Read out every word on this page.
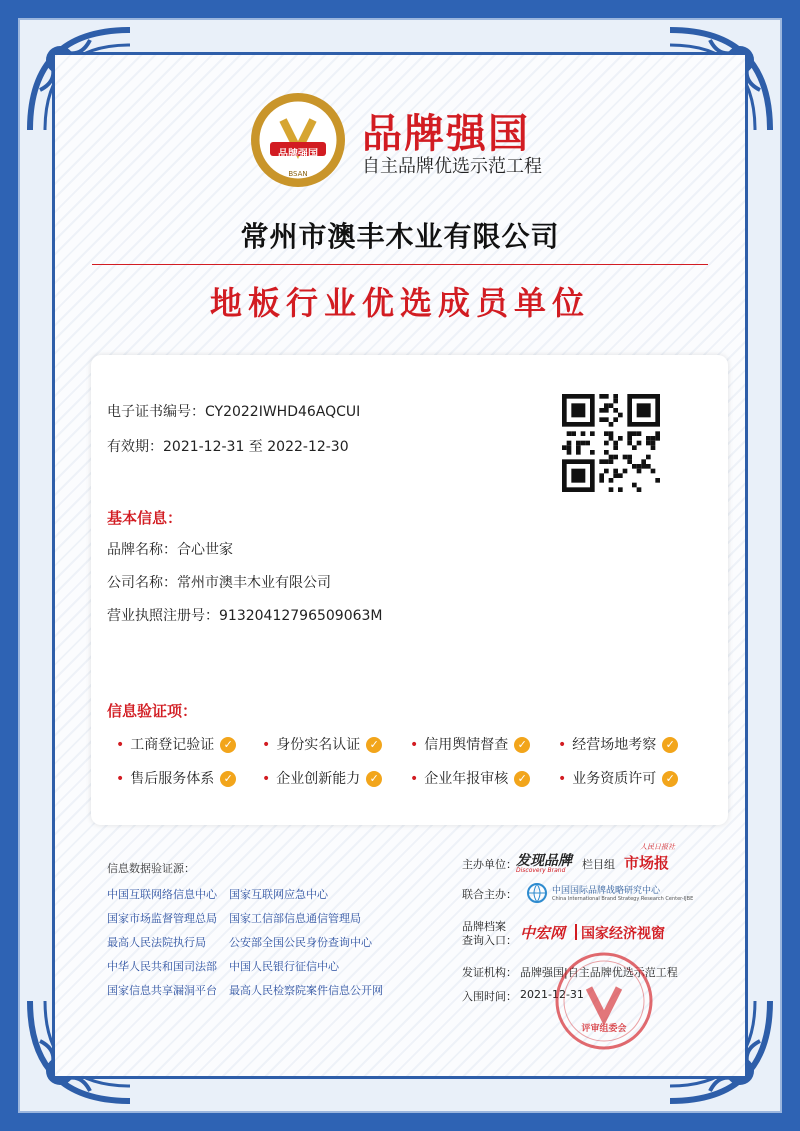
品牌强国
BSAN
品牌强国
自主品牌优选示范工程
常州市澳丰木业有限公司
地板行业优选成员单位
电子证书编号：CY2022IWHD46AQCUI
有效期：2021-12-31 至 2022-12-30
基本信息：
品牌名称：合心世家
公司名称：常州市澳丰木业有限公司
营业执照注册号：91320412796509063M
信息验证项：
信息数据验证源：	主办单位： 发现品牌
Discovery Brand 栏目组
人民日报社
市场报
联合主办：	中国国际品牌战略研究中心
China International Brand Strategy Research Center-IJBE
品牌档案
查询入口： 中宏网 国家经济视窗
发证机构： 品牌强国|自主品牌优选示范工程
入围时间： 2021-12-31
评审组委会
• 工商登记验证 ✓ • 身份实名认证 ✓ • 信用舆情督查 ✓ • 经营场地考察 ✓
• 售后服务体系 ✓ • 企业创新能力 ✓ • 企业年报审核 ✓ • 业务资质许可 ✓
中国互联网络信息中心 国家互联网应急中心
国家市场监督管理总局 国家工信部信息通信管理局
最高人民法院执行局 公安部全国公民身份查询中心
中华人民共和国司法部 中国人民银行征信中心
国家信息共享漏洞平台 最高人民检察院案件信息公开网
